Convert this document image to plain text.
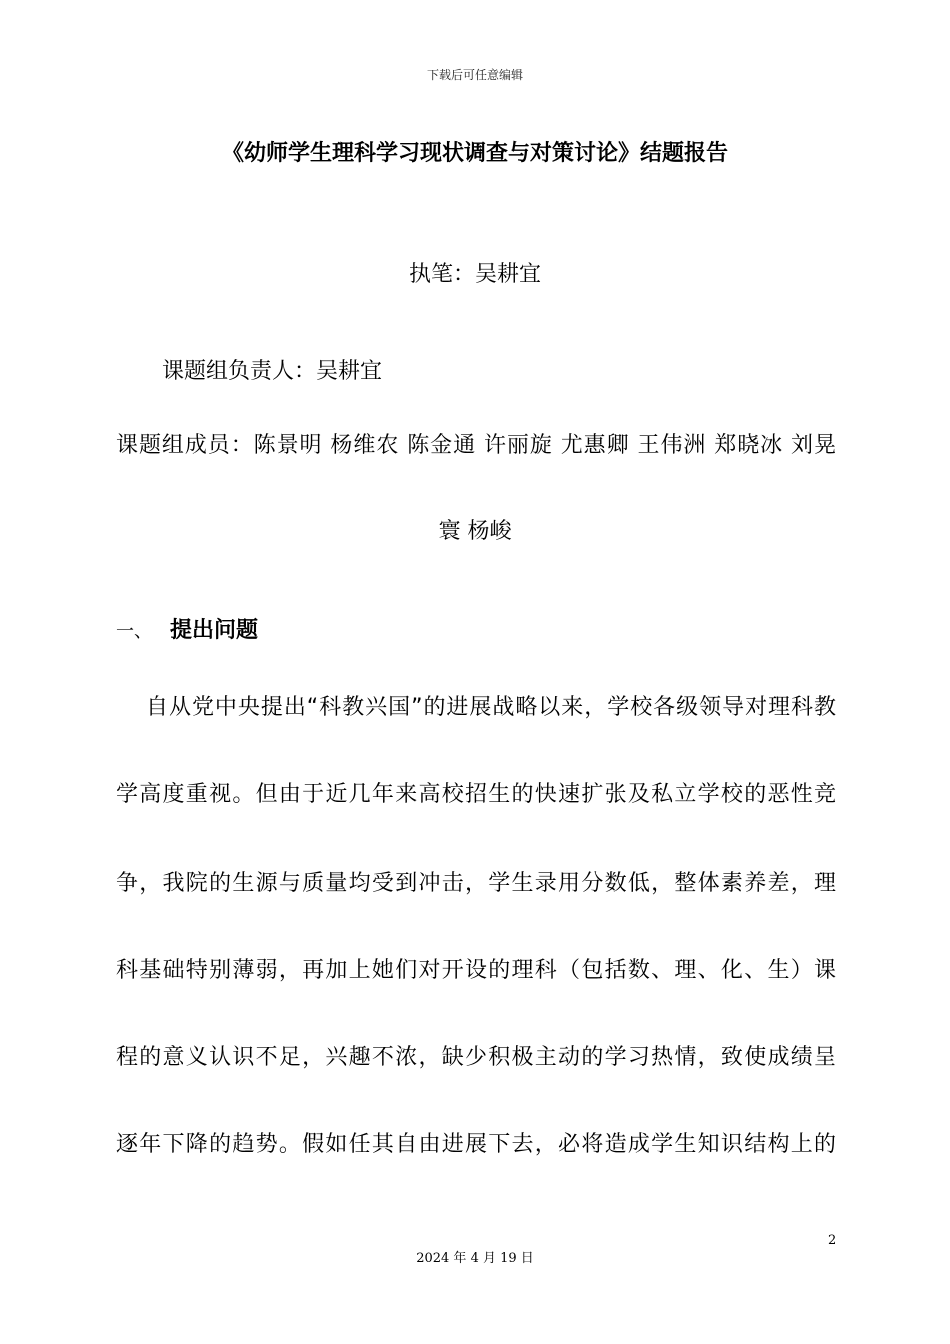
下载后可任意编辑
《幼师学生理科学习现状调查与对策讨论》结题报告
执笔：吴耕宜
课题组负责人：吴耕宜
课题组成员：陈景明 杨维农 陈金通 许丽旋 尤惠卿 王伟洲 郑晓冰 刘晃
寰 杨峻
一、 提出问题
自从党中央提出“科教兴国”的进展战略以来，学校各级领导对理科教
学高度重视。但由于近几年来高校招生的快速扩张及私立学校的恶性竞
争，我院的生源与质量均受到冲击，学生录用分数低，整体素养差，理
科基础特别薄弱，再加上她们对开设的理科（包括数、理、化、生）课
程的意义认识不足，兴趣不浓，缺少积极主动的学习热情，致使成绩呈
逐年下降的趋势。假如任其自由进展下去，必将造成学生知识结构上的
2
2024 年 4 月 19 日
